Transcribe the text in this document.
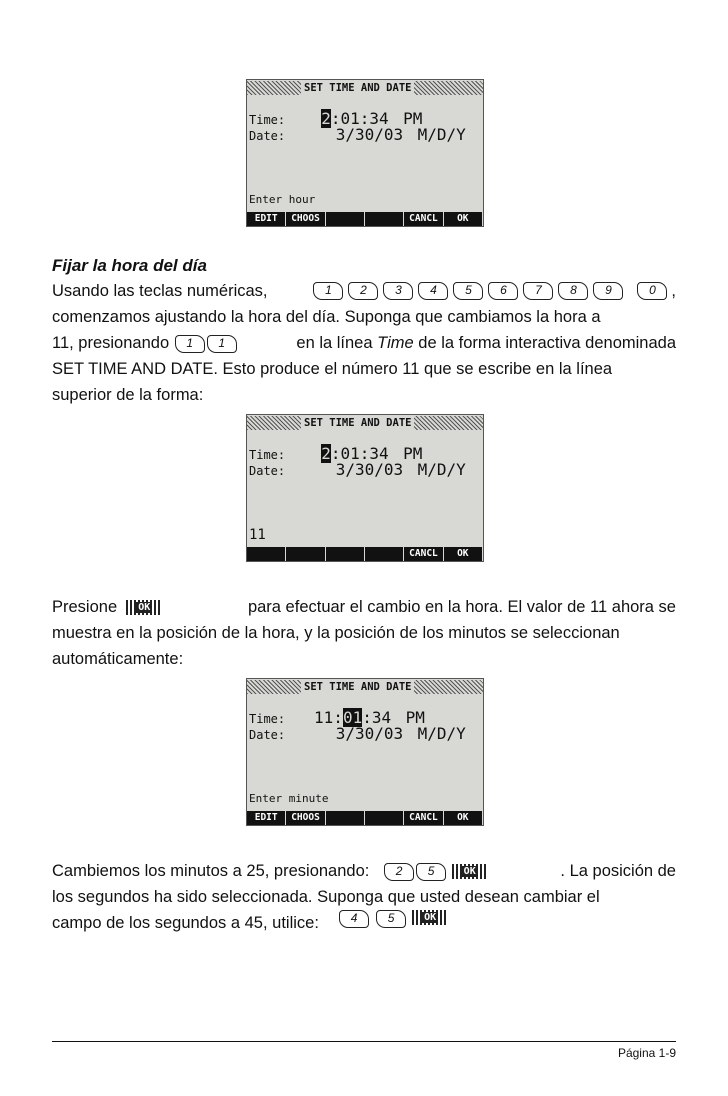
SET TIME AND DATE
Time: 2:01:34 PM
Date:	3/30/03 M/D/Y
Enter hour
EDIT	CHOOS	CANCL	OK
Fijar la hora del día
Usando las teclas numéricas,	1	2	3	4	5	6	7	8	9	0 ,
comenzamos ajustando la hora del día. Suponga que cambiamos la hora a
11, presionando 1 1	en la línea Time de la forma interactiva denominada
SET TIME AND DATE. Esto produce el número 11 que se escribe en la línea
superior de la forma:
SET TIME AND DATE
Time: 2:01:34 PM
Date:	3/30/03 M/D/Y
11
CANCL	OK
Presione OK	para efectuar el cambio en la hora. El valor de 11 ahora se
muestra en la posición de la hora, y la posición de los minutos se seleccionan
automáticamente:
SET TIME AND DATE
Time: 11:01:34 PM
Date:	3/30/03 M/D/Y
Enter minute
EDIT	CHOOS	CANCL	OK
Cambiemos los minutos a 25, presionando: 2 5	OK	. La posición de
los segundos ha sido seleccionada. Suponga que usted desean cambiar el
campo de los segundos a 45, utilice:
	4	5	OK
Página 1-9
